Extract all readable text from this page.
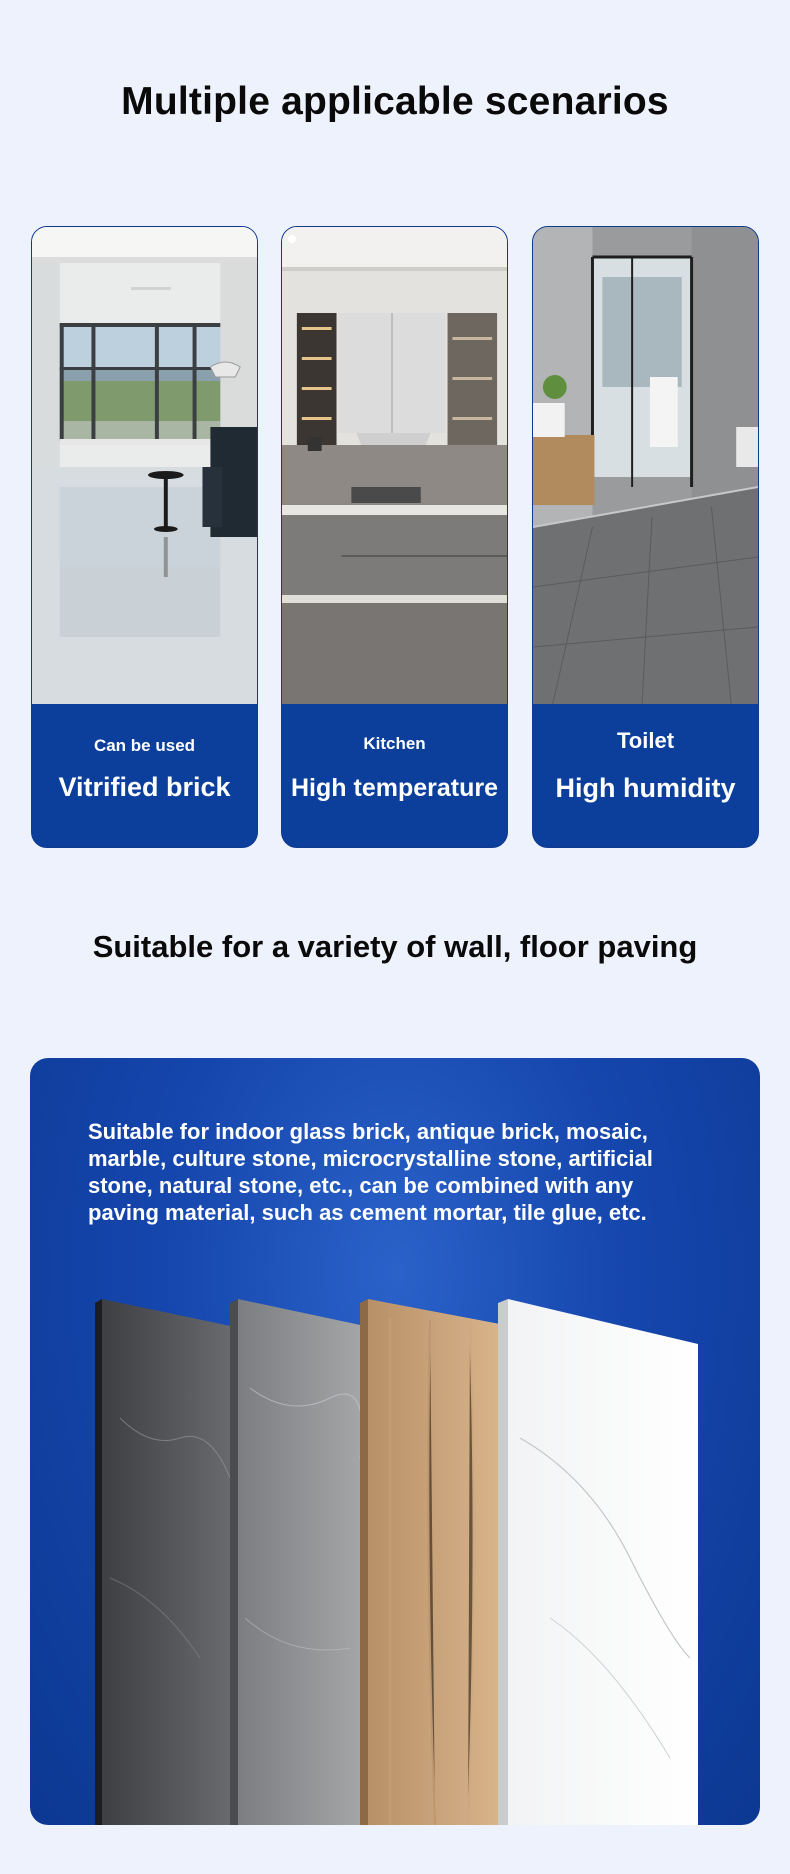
Multiple applicable scenarios
Can be used
Vitrified brick
Kitchen
High temperature
Toilet
High humidity
Suitable for a variety of wall, floor paving
Suitable for indoor glass brick, antique brick, mosaic,
marble, culture stone, microcrystalline stone, artificial
stone, natural stone, etc., can be combined with any
paving material, such as cement mortar, tile glue, etc.
